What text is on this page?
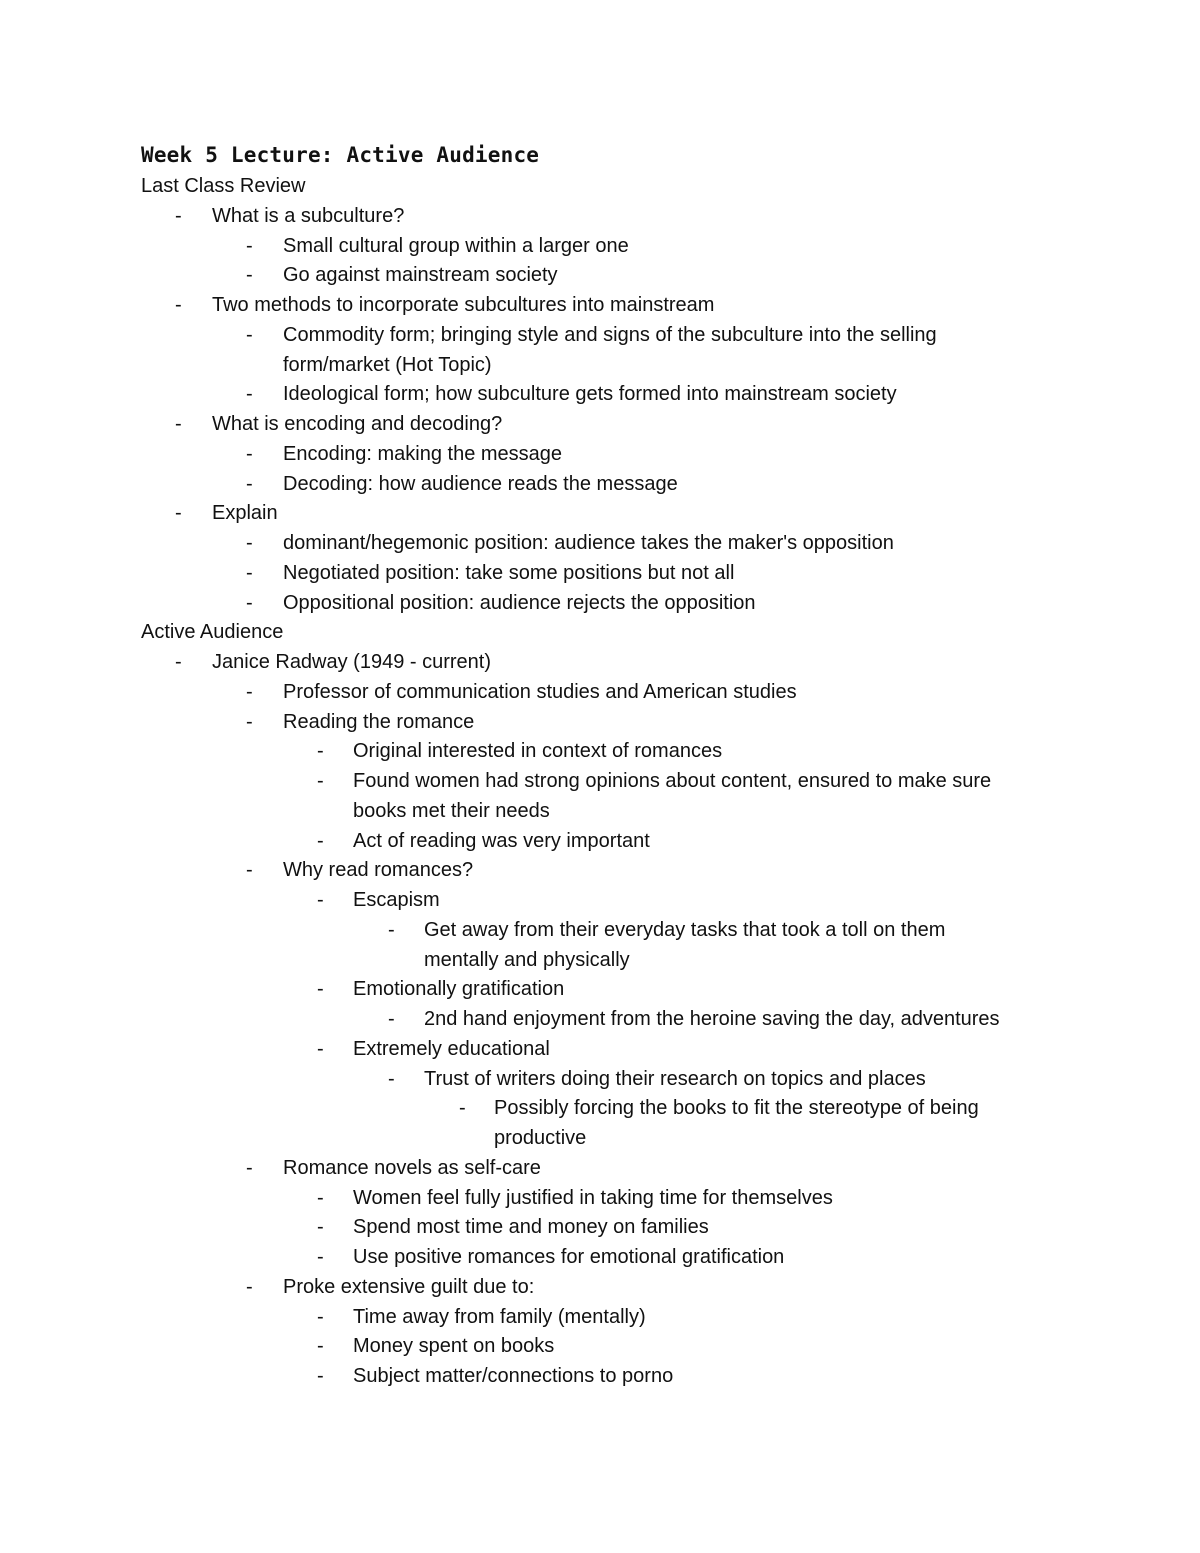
Week 5 Lecture: Active Audience
Last Class Review
- What is a subculture?
- Small cultural group within a larger one
- Go against mainstream society
- Two methods to incorporate subcultures into mainstream
- Commodity form; bringing style and signs of the subculture into the selling
form/market (Hot Topic)
- Ideological form; how subculture gets formed into mainstream society
- What is encoding and decoding?
- Encoding: making the message
- Decoding: how audience reads the message
- Explain
- dominant/hegemonic position: audience takes the maker's opposition
- Negotiated position: take some positions but not all
- Oppositional position: audience rejects the opposition
Active Audience
- Janice Radway (1949 - current)
- Professor of communication studies and American studies
- Reading the romance
- Original interested in context of romances
- Found women had strong opinions about content, ensured to make sure
books met their needs
- Act of reading was very important
- Why read romances?
- Escapism
- Get away from their everyday tasks that took a toll on them
mentally and physically
- Emotionally gratification
- 2nd hand enjoyment from the heroine saving the day, adventures
- Extremely educational
- Trust of writers doing their research on topics and places
- Possibly forcing the books to fit the stereotype of being
productive
- Romance novels as self-care
- Women feel fully justified in taking time for themselves
- Spend most time and money on families
- Use positive romances for emotional gratification
- Proke extensive guilt due to:
- Time away from family (mentally)
- Money spent on books
- Subject matter/connections to porno
